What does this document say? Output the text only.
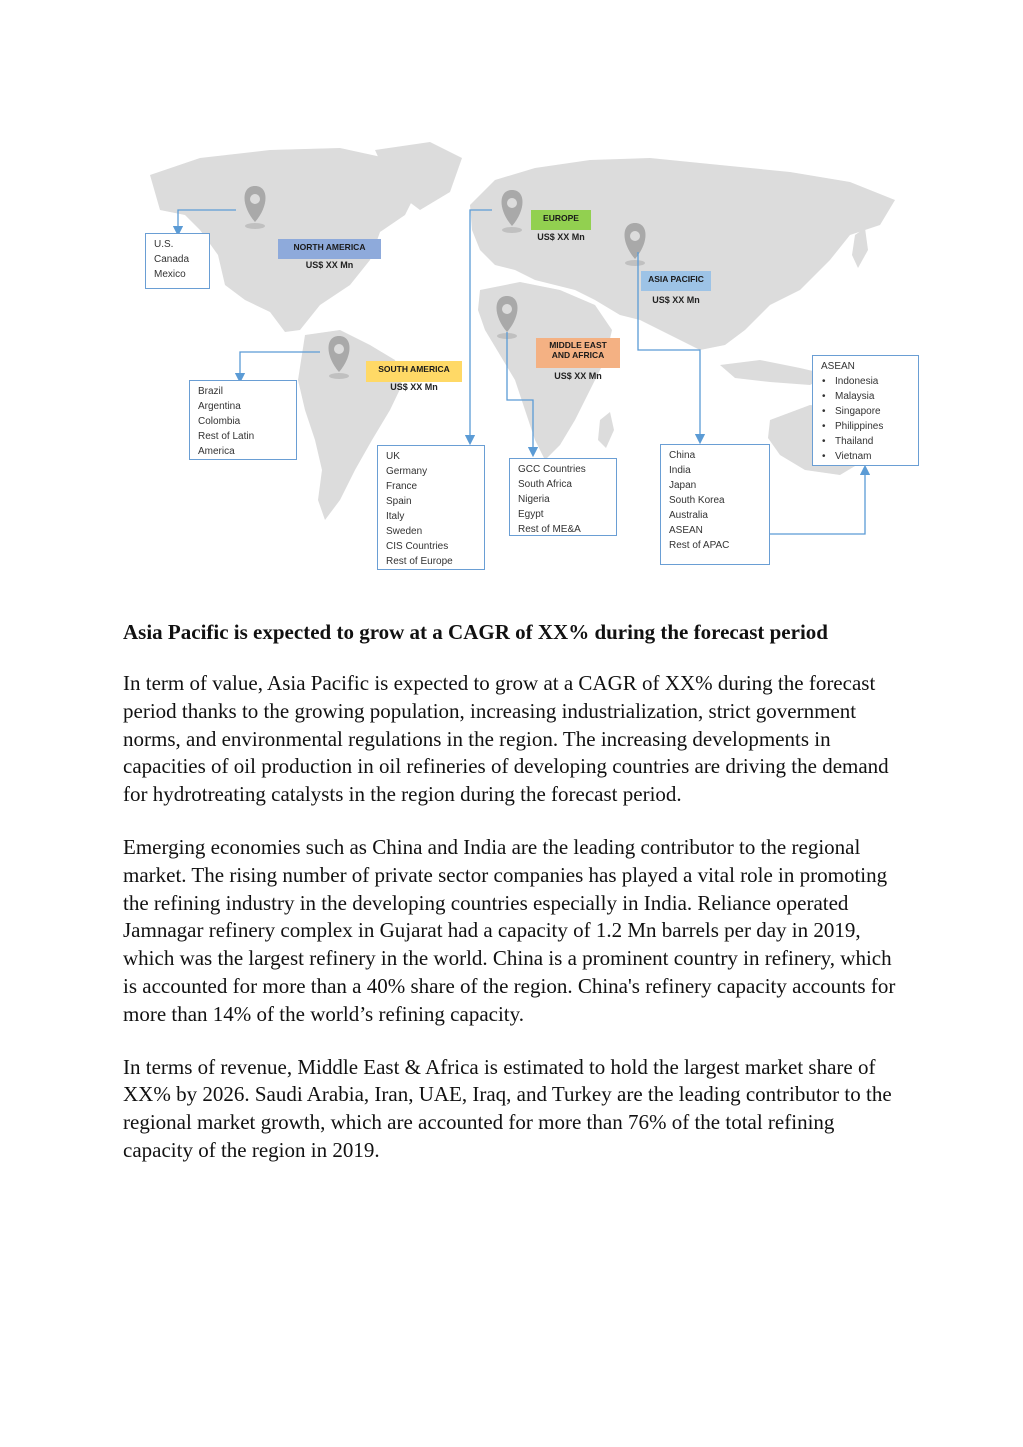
NORTH AMERICA
US$ XX Mn
EUROPE
US$ XX Mn
ASIA PACIFIC
US$ XX Mn
MIDDLE EAST AND AFRICA
US$ XX Mn
SOUTH AMERICA
US$ XX Mn
U.S.
Canada
Mexico
Brazil
Argentina
Colombia
Rest of Latin
America	UK
Germany
France
Spain
Italy
Sweden
CIS Countries
Rest of Europe
GCC Countries
South Africa
Nigeria
Egypt
Rest of ME&A
China
India
Japan
South Korea
Australia
ASEAN
Rest of APAC
ASEAN
• Indonesia
• Malaysia
• Singapore
• Philippines
• Thailand
• Vietnam
Asia Pacific is expected to grow at a CAGR of XX% during the forecast period

In term of value, Asia Pacific is expected to grow at a CAGR of XX% during the forecast period thanks to the growing population, increasing industrialization, strict government norms, and environmental regulations in the region. The increasing developments in capacities of oil production in oil refineries of developing countries are driving the demand for hydrotreating catalysts in the region during the forecast period.

Emerging economies such as China and India are the leading contributor to the regional market. The rising number of private sector companies has played a vital role in promoting the refining industry in the developing countries especially in India. Reliance operated Jamnagar refinery complex in Gujarat had a capacity of 1.2 Mn barrels per day in 2019, which was the largest refinery in the world. China is a prominent country in refinery, which is accounted for more than a 40% share of the region. China's refinery capacity accounts for more than 14% of the world’s refining capacity.

In terms of revenue, Middle East & Africa is estimated to hold the largest market share of XX% by 2026. Saudi Arabia, Iran, UAE, Iraq, and Turkey are the leading contributor to the regional market growth, which are accounted for more than 76% of the total refining capacity of the region in 2019.
